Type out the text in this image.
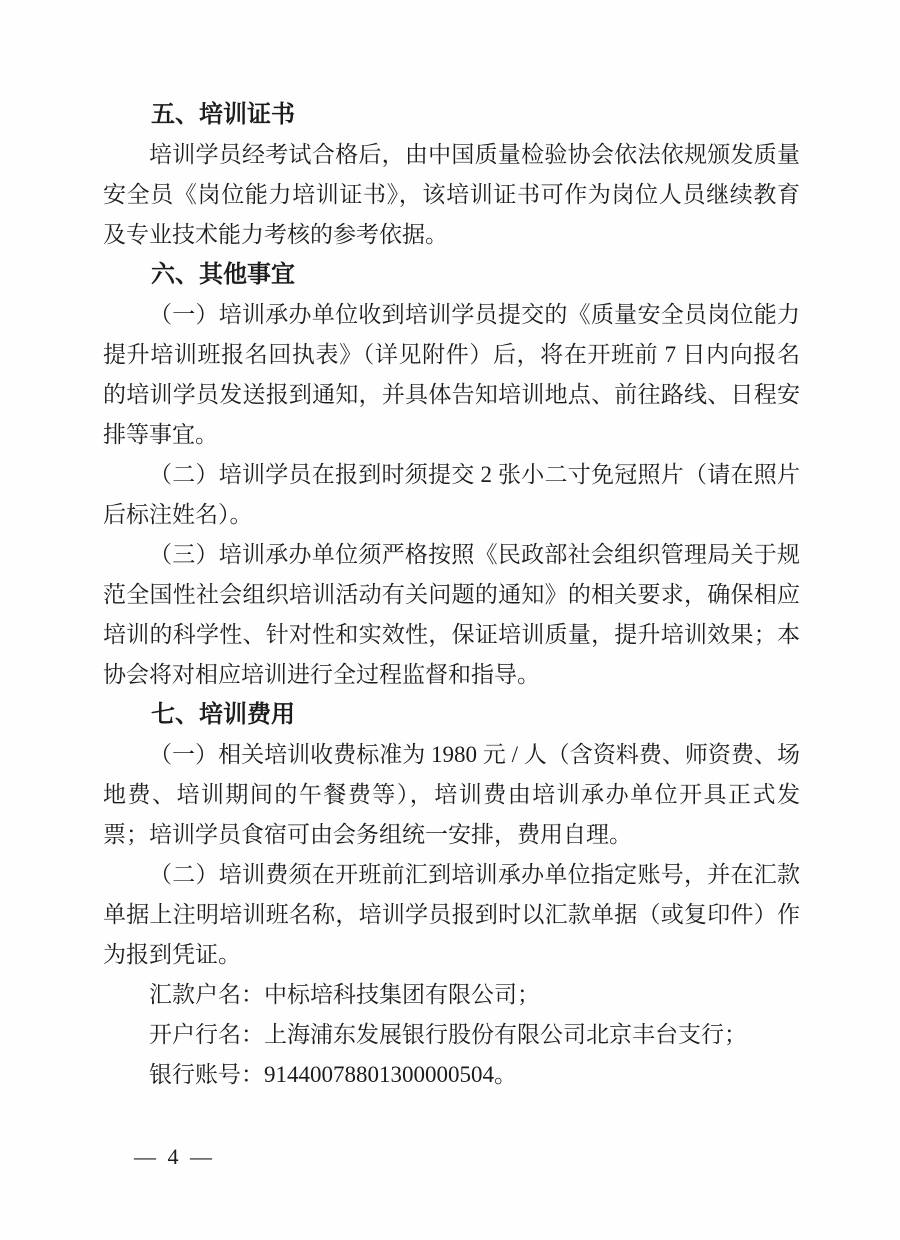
五、培训证书

培训学员经考试合格后，由中国质量检验协会依法依规颁发质量安全员《岗位能力培训证书》，该培训证书可作为岗位人员继续教育及专业技术能力考核的参考依据。

六、其他事宜

（一）培训承办单位收到培训学员提交的《质量安全员岗位能力提升培训班报名回执表》（详见附件）后，将在开班前 7 日内向报名的培训学员发送报到通知，并具体告知培训地点、前往路线、日程安排等事宜。

（二）培训学员在报到时须提交 2 张小二寸免冠照片（请在照片后标注姓名）。

（三）培训承办单位须严格按照《民政部社会组织管理局关于规范全国性社会组织培训活动有关问题的通知》的相关要求，确保相应培训的科学性、针对性和实效性，保证培训质量，提升培训效果；本协会将对相应培训进行全过程监督和指导。

七、培训费用

（一）相关培训收费标准为 1980 元 / 人（含资料费、师资费、场地费、培训期间的午餐费等），培训费由培训承办单位开具正式发票；培训学员食宿可由会务组统一安排，费用自理。

（二）培训费须在开班前汇到培训承办单位指定账号，并在汇款单据上注明培训班名称，培训学员报到时以汇款单据（或复印件）作为报到凭证。

汇款户名：中标培科技集团有限公司；

开户行名：上海浦东发展银行股份有限公司北京丰台支行；

银行账号：91440078801300000504。

— 4 —
